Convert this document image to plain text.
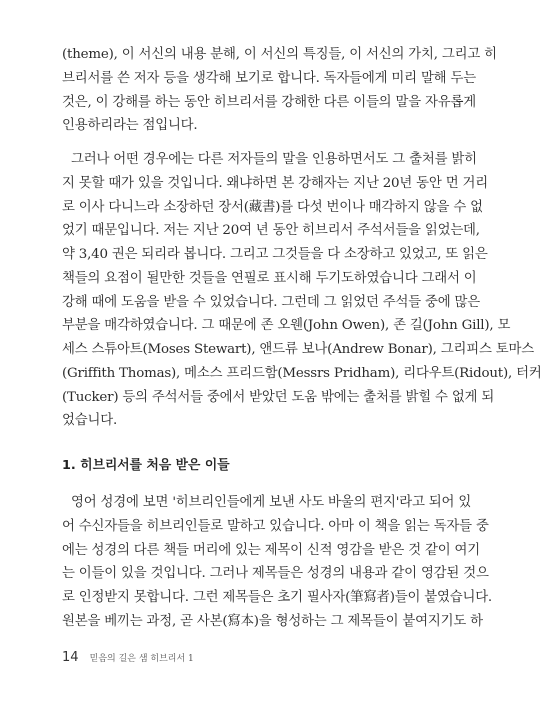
(theme), 이 서신의 내용 분해, 이 서신의 특징들, 이 서신의 가치, 그리고 히
브리서를 쓴 저자 등을 생각해 보기로 합니다. 독자들에게 미리 말해 두는
것은, 이 강해를 하는 동안 히브리서를 강해한 다른 이들의 말을 자유롭게
인용하리라는 점입니다.
그러나 어떤 경우에는 다른 저자들의 말을 인용하면서도 그 출처를 밝히
지 못할 때가 있을 것입니다. 왜냐하면 본 강해자는 지난 20년 동안 먼 거리
로 이사 다니느라 소장하던 장서(藏書)를 다섯 번이나 매각하지 않을 수 없
었기 때문입니다. 저는 지난 20여 년 동안 히브리서 주석서들을 읽었는데,
약 3,40 권은 되리라 봅니다. 그리고 그것들을 다 소장하고 있었고, 또 읽은
책들의 요점이 될만한 것들을 연필로 표시해 두기도하였습니다 그래서 이
강해 때에 도움을 받을 수 있었습니다. 그런데 그 읽었던 주석들 중에 많은
부분을 매각하였습니다. 그 때문에 존 오웬(John Owen), 존 길(John Gill), 모
세스 스튜아트(Moses Stewart), 앤드류 보나(Andrew Bonar), 그리피스 토마스
(Griffith Thomas), 메소스 프리드함(Messrs Pridham), 리다우트(Ridout), 터커
(Tucker) 등의 주석서들 중에서 받았던 도움 밖에는 출처를 밝힐 수 없게 되
었습니다.
1. 히브리서를 처음 받은 이들
영어 성경에 보면 '히브리인들에게 보낸 사도 바울의 편지'라고 되어 있
어 수신자들을 히브리인들로 말하고 있습니다. 아마 이 책을 읽는 독자들 중
에는 성경의 다른 책들 머리에 있는 제목이 신적 영감을 받은 것 같이 여기
는 이들이 있을 것입니다. 그러나 제목들은 성경의 내용과 같이 영감된 것으
로 인정받지 못합니다. 그런 제목들은 초기 필사자(筆寫者)들이 붙였습니다.
원본을 베끼는 과정, 곧 사본(寫本)을 형성하는 그 제목들이 붙여지기도 하
14 믿음의 길은 샘 히브리서 1
